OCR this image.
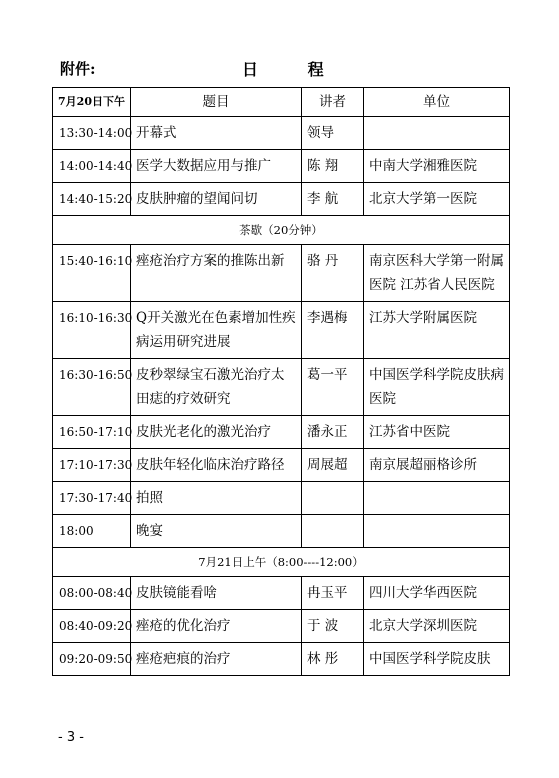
附件:	日 程
7月20日下午	题目	讲者	单位
13:30-14:00	开幕式	领导	
14:00-14:40	医学大数据应用与推广	陈 翔	中南大学湘雅医院
14:40-15:20	皮肤肿瘤的望闻问切	李 航	北京大学第一医院
茶歇（20分钟）			
15:40-16:10	痤疮治疗方案的推陈出新	骆 丹	南京医科大学第一附属医院 江苏省人民医院
16:10-16:30	Q开关激光在色素增加性疾病运用研究进展	李遇梅	江苏大学附属医院
16:30-16:50	皮秒翠绿宝石激光治疗太田痣的疗效研究	葛一平	中国医学科学院皮肤病医院
16:50-17:10	皮肤光老化的激光治疗	潘永正	江苏省中医院
17:10-17:30	皮肤年轻化临床治疗路径	周展超	南京展超丽格诊所
17:30-17:40	拍照		
18:00	晚宴		
7月21日上午（8:00----12:00）			
08:00-08:40	皮肤镜能看啥	冉玉平	四川大学华西医院
08:40-09:20	痤疮的优化治疗	于 波	北京大学深圳医院
09:20-09:50	痤疮疤痕的治疗	林 彤	中国医学科学院皮肤
- 3 -
